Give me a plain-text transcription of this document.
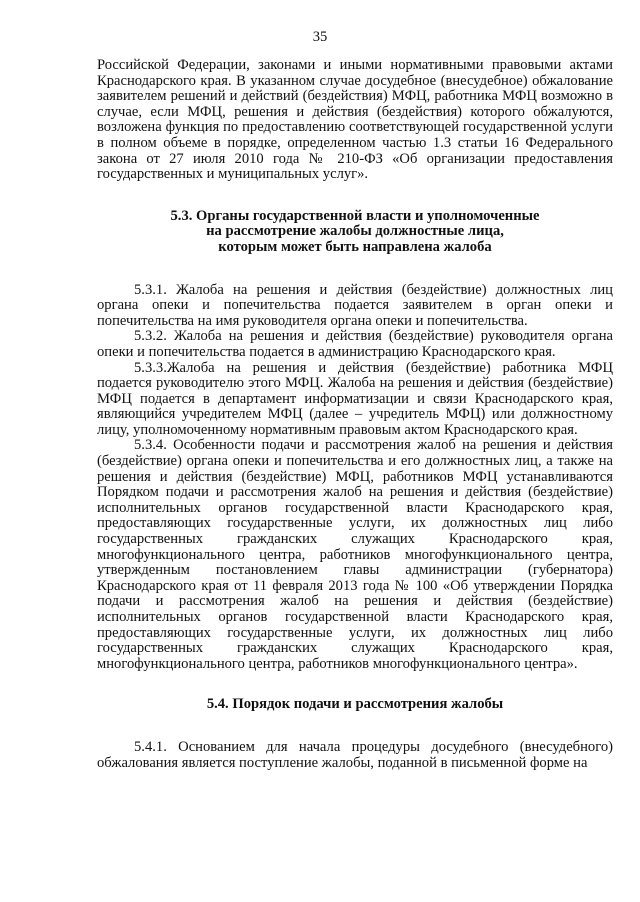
35

Российской Федерации, законами и иными нормативными правовыми актами Краснодарского края. В указанном случае досудебное (внесудебное) обжалование заявителем решений и действий (бездействия) МФЦ, работника МФЦ возможно в случае, если МФЦ, решения и действия (бездействия) которого обжалуются, возложена функция по предоставлению соответствующей государственной услуги в полном объеме в порядке, определенном частью 1.3 статьи 16 Федерального закона от 27 июля 2010 года № 210-ФЗ «Об организации предоставления государственных и муниципальных услуг».

5.3. Органы государственной власти и уполномоченные
на рассмотрение жалобы должностные лица,
которым может быть направлена жалоба

5.3.1. Жалоба на решения и действия (бездействие) должностных лиц органа опеки и попечительства подается заявителем в орган опеки и попечительства на имя руководителя органа опеки и попечительства.

5.3.2. Жалоба на решения и действия (бездействие) руководителя органа опеки и попечительства подается в администрацию Краснодарского края.

5.3.3.Жалоба на решения и действия (бездействие) работника МФЦ подается руководителю этого МФЦ. Жалоба на решения и действия (бездействие) МФЦ подается в департамент информатизации и связи Краснодарского края, являющийся учредителем МФЦ (далее – учредитель МФЦ) или должностному лицу, уполномоченному нормативным правовым актом Краснодарского края.

5.3.4. Особенности подачи и рассмотрения жалоб на решения и действия (бездействие) органа опеки и попечительства и его должностных лиц, а также на решения и действия (бездействие) МФЦ, работников МФЦ устанавливаются Порядком подачи и рассмотрения жалоб на решения и действия (бездействие) исполнительных органов государственной власти Краснодарского края, предоставляющих государственные услуги, их должностных лиц либо государственных гражданских служащих Краснодарского края, многофункционального центра, работников многофункционального центра, утвержденным постановлением главы администрации (губернатора) Краснодарского края от 11 февраля 2013 года № 100 «Об утверждении Порядка подачи и рассмотрения жалоб на решения и действия (бездействие) исполнительных органов государственной власти Краснодарского края, предоставляющих государственные услуги, их должностных лиц либо государственных гражданских служащих Краснодарского края, многофункционального центра, работников многофункционального центра».

5.4. Порядок подачи и рассмотрения жалобы

5.4.1. Основанием для начала процедуры досудебного (внесудебного) обжалования является поступление жалобы, поданной в письменной форме на
